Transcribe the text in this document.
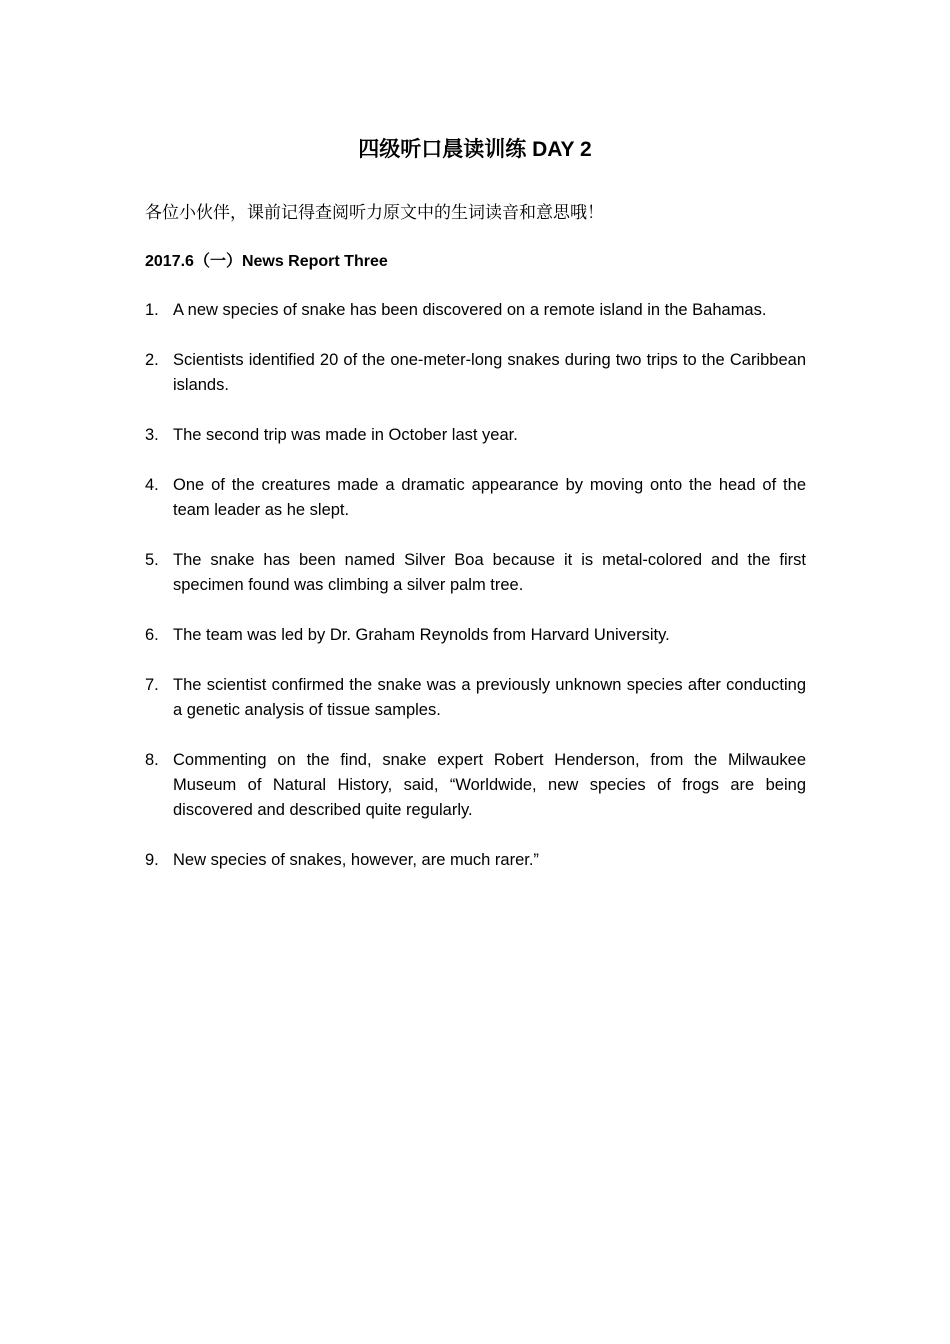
四级听口晨读训练 DAY 2
各位小伙伴，课前记得查阅听力原文中的生词读音和意思哦！
2017.6（一）News Report Three
1. A new species of snake has been discovered on a remote island in the Bahamas.
2. Scientists identified 20 of the one-meter-long snakes during two trips to the Caribbean islands.
3. The second trip was made in October last year.
4. One of the creatures made a dramatic appearance by moving onto the head of the team leader as he slept.
5. The snake has been named Silver Boa because it is metal-colored and the first specimen found was climbing a silver palm tree.
6. The team was led by Dr. Graham Reynolds from Harvard University.
7. The scientist confirmed the snake was a previously unknown species after conducting a genetic analysis of tissue samples.
8. Commenting on the find, snake expert Robert Henderson, from the Milwaukee Museum of Natural History, said, “Worldwide, new species of frogs are being discovered and described quite regularly.
9. New species of snakes, however, are much rarer.”
